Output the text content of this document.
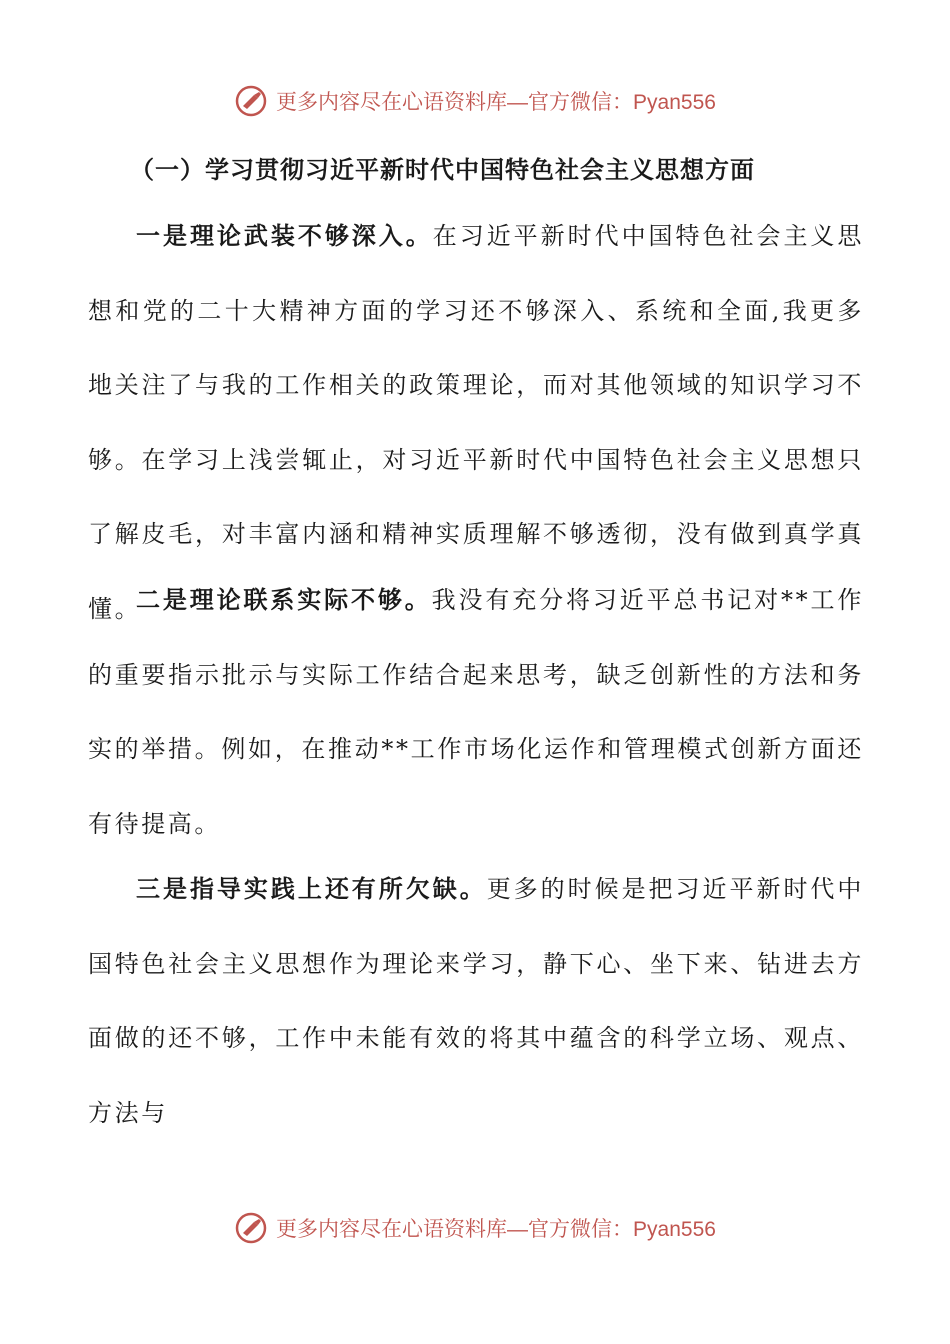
更多内容尽在心语资料库—官方微信：Pyan556
（一）学习贯彻习近平新时代中国特色社会主义思想方面

一是理论武装不够深入。在习近平新时代中国特色社会主义思想和党的二十大精神方面的学习还不够深入、系统和全面,我更多地关注了与我的工作相关的政策理论，而对其他领域的知识学习不够。在学习上浅尝辄止，对习近平新时代中国特色社会主义思想只了解皮毛，对丰富内涵和精神实质理解不够透彻，没有做到真学真懂。

二是理论联系实际不够。我没有充分将习近平总书记对**工作的重要指示批示与实际工作结合起来思考，缺乏创新性的方法和务实的举措。例如，在推动**工作市场化运作和管理模式创新方面还有待提高。

三是指导实践上还有所欠缺。更多的时候是把习近平新时代中国特色社会主义思想作为理论来学习，静下心、坐下来、钻进去方面做的还不够，工作中未能有效的将其中蕴含的科学立场、观点、方法与

更多内容尽在心语资料库—官方微信：Pyan556
